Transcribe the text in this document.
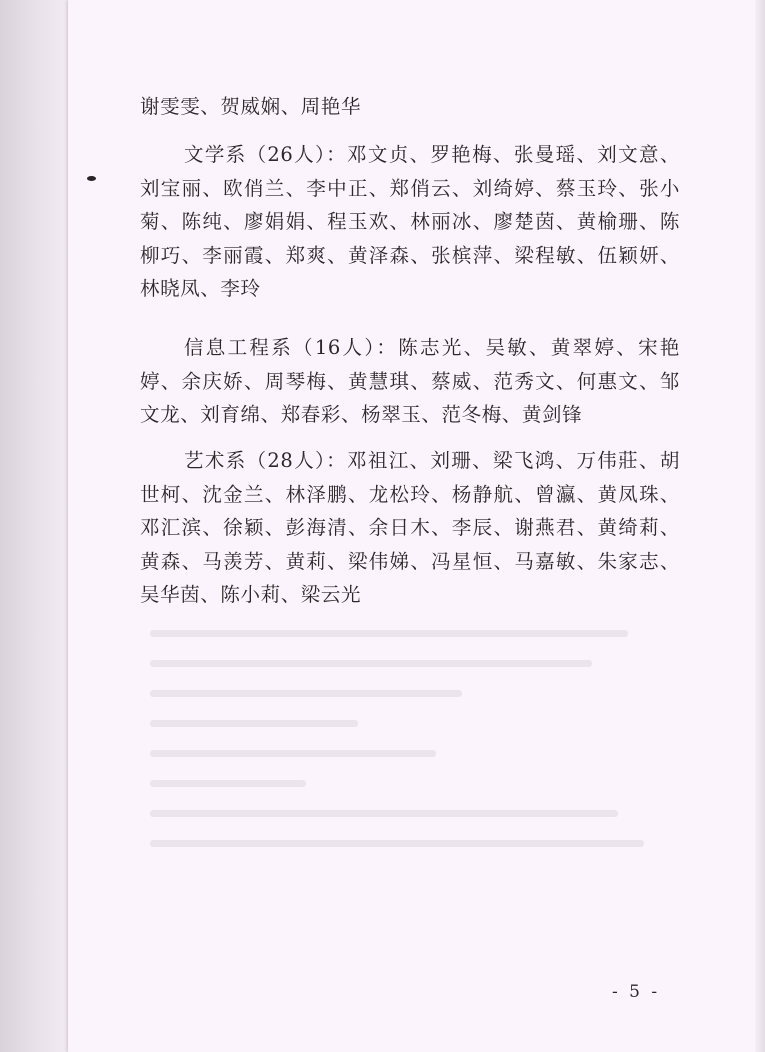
谢雯雯、贺威娴、周艳华
文学系（26人）：邓文贞、罗艳梅、张曼瑶、刘文意、刘宝丽、欧俏兰、李中正、郑俏云、刘绮婷、蔡玉玲、张小菊、陈纯、廖娟娟、程玉欢、林丽冰、廖楚茵、黄榆珊、陈柳巧、李丽霞、郑爽、黄泽森、张槟萍、梁程敏、伍颖妍、林晓凤、李玲
信息工程系（16人）：陈志光、吴敏、黄翠婷、宋艳婷、余庆娇、周琴梅、黄慧琪、蔡威、范秀文、何惠文、邹文龙、刘育绵、郑春彩、杨翠玉、范冬梅、黄剑锋
艺术系（28人）：邓祖江、刘珊、梁飞鸿、万伟莊、胡世柯、沈金兰、林泽鹏、龙松玲、杨静航、曾瀛、黄凤珠、邓汇滨、徐颖、彭海清、余日木、李辰、谢燕君、黄绮莉、黄森、马羡芳、黄莉、梁伟娣、冯星恒、马嘉敏、朱家志、吴华茵、陈小莉、梁云光
- 5 -
